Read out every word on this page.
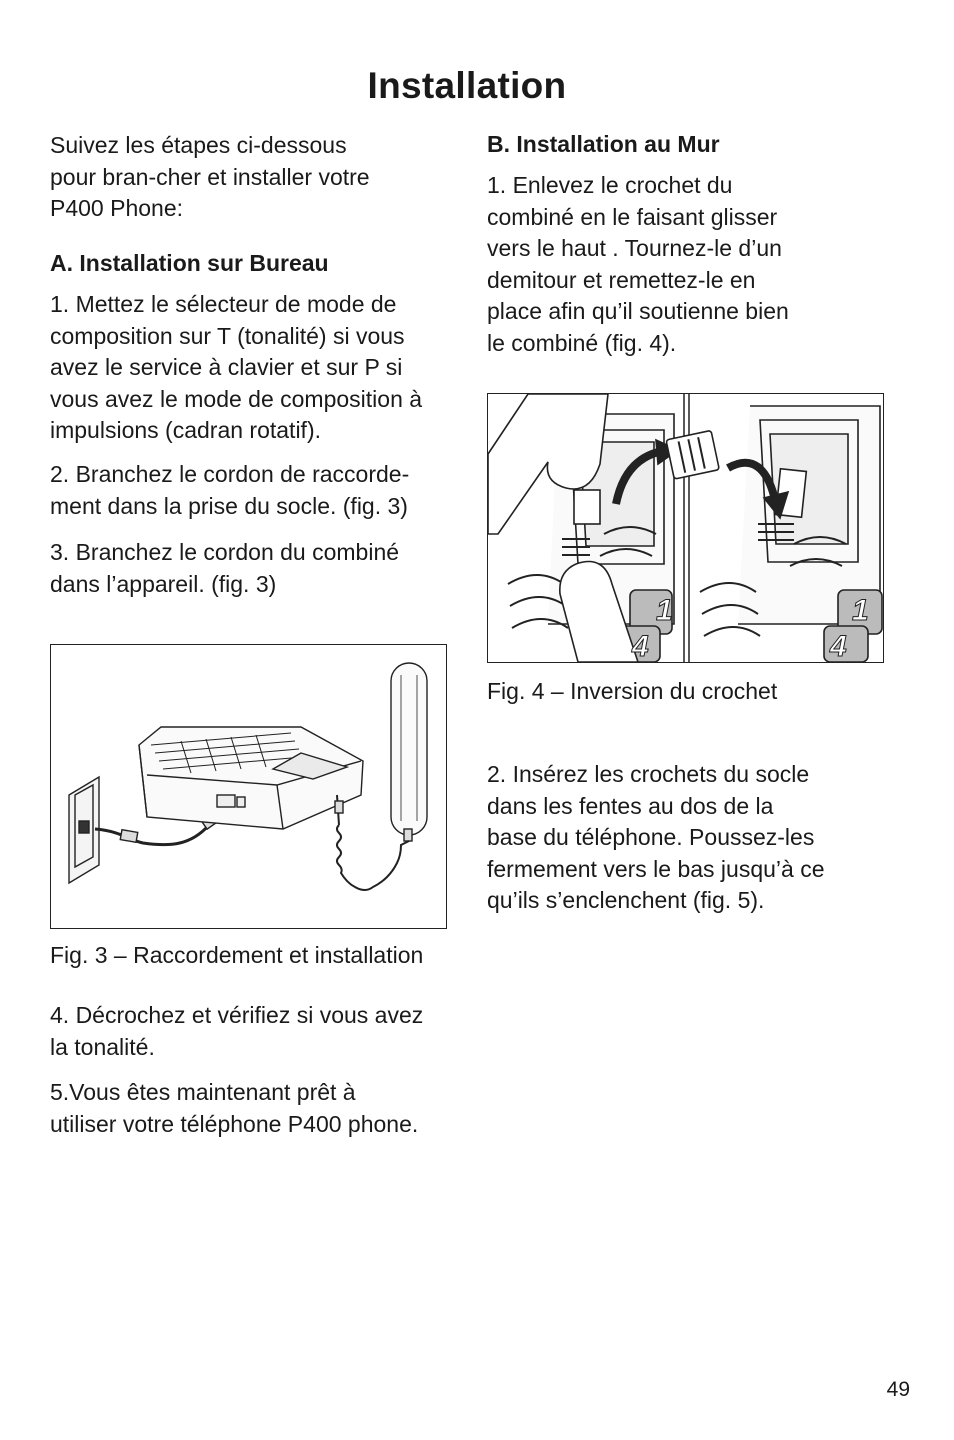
Installation
Suivez les étapes ci-dessous
pour bran-cher et installer votre
P400 Phone:
A. Installation sur Bureau
1. Mettez le sélecteur de mode de
composition sur T (tonalité) si vous
avez le service à clavier et sur P si
vous avez le mode de composition à
impulsions (cadran rotatif).
2. Branchez le cordon de raccorde-
ment dans la prise du socle. (fig. 3)
3. Branchez le cordon du combiné
dans l’appareil. (fig. 3)

Fig. 3 – Raccordement et installation

4. Décrochez et vérifiez si vous avez
la tonalité.
5.Vous êtes maintenant prêt à
utiliser votre téléphone P400 phone.
B. Installation au Mur
1. Enlevez le crochet du
combiné en le faisant glisser
vers le haut . Tournez-le d’un
demitour et remettez-le en
place afin qu’il soutienne bien
le combiné (fig. 4).
1
4
1
4

Fig. 4 – Inversion du crochet

2. Insérez les crochets du socle
dans les fentes au dos de la
base du téléphone. Poussez-les
fermement vers le bas jusqu’à ce
qu’ils s’enclenchent (fig. 5).
49
